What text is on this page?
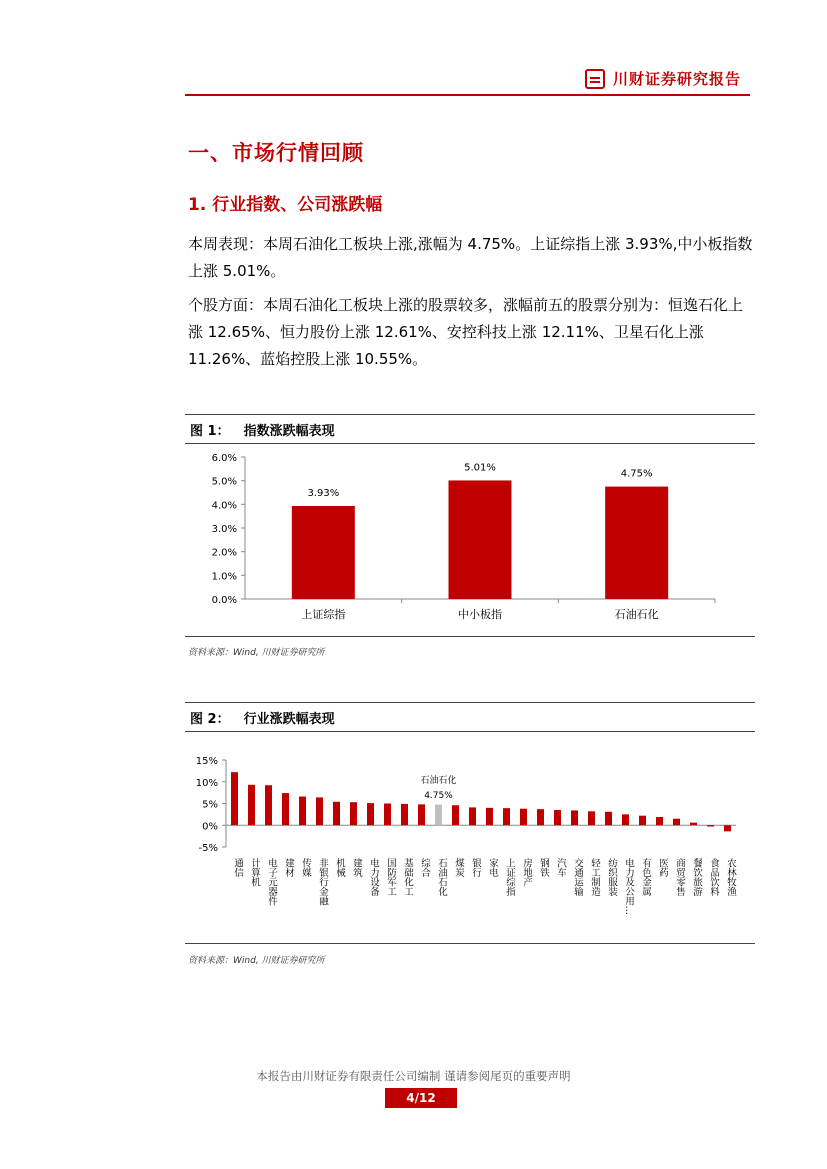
川财证券研究报告
一、市场行情回顾
1. 行业指数、公司涨跌幅

本周表现：本周石油化工板块上涨,涨幅为 4.75%。上证综指上涨 3.93%,中小板指数上涨 5.01%。

个股方面：本周石油化工板块上涨的股票较多，涨幅前五的股票分别为：恒逸石化上涨 12.65%、恒力股份上涨 12.61%、安控科技上涨 12.11%、卫星石化上涨 11.26%、蓝焰控股上涨 10.55%。

图 1： 指数涨跌幅表现
0.0%
1.0%
2.0%
3.0%
4.0%
5.0%
6.0%
3.93%
上证综指
5.01%
中小板指
4.75%
石油石化
资料来源：Wind, 川财证券研究所
图 2： 行业涨跌幅表现
-5%
0%
5%
10%
15%
通信 计算机 电子元器件 建材 传媒 非银行金融 机械 建筑 电力设备 国防军工 基础化工 综合 石油石化
石油石化
4.75%
煤炭 银行 家电 上证综指 房地产 钢铁 汽车 交通运输 轻工制造 纺织服装 电力及公用… 有色金属 医药 商贸零售 餐饮旅游 食品饮料 农林牧渔
资料来源：Wind, 川财证券研究所
本报告由川财证券有限责任公司编制 谨请参阅尾页的重要声明
4/12
